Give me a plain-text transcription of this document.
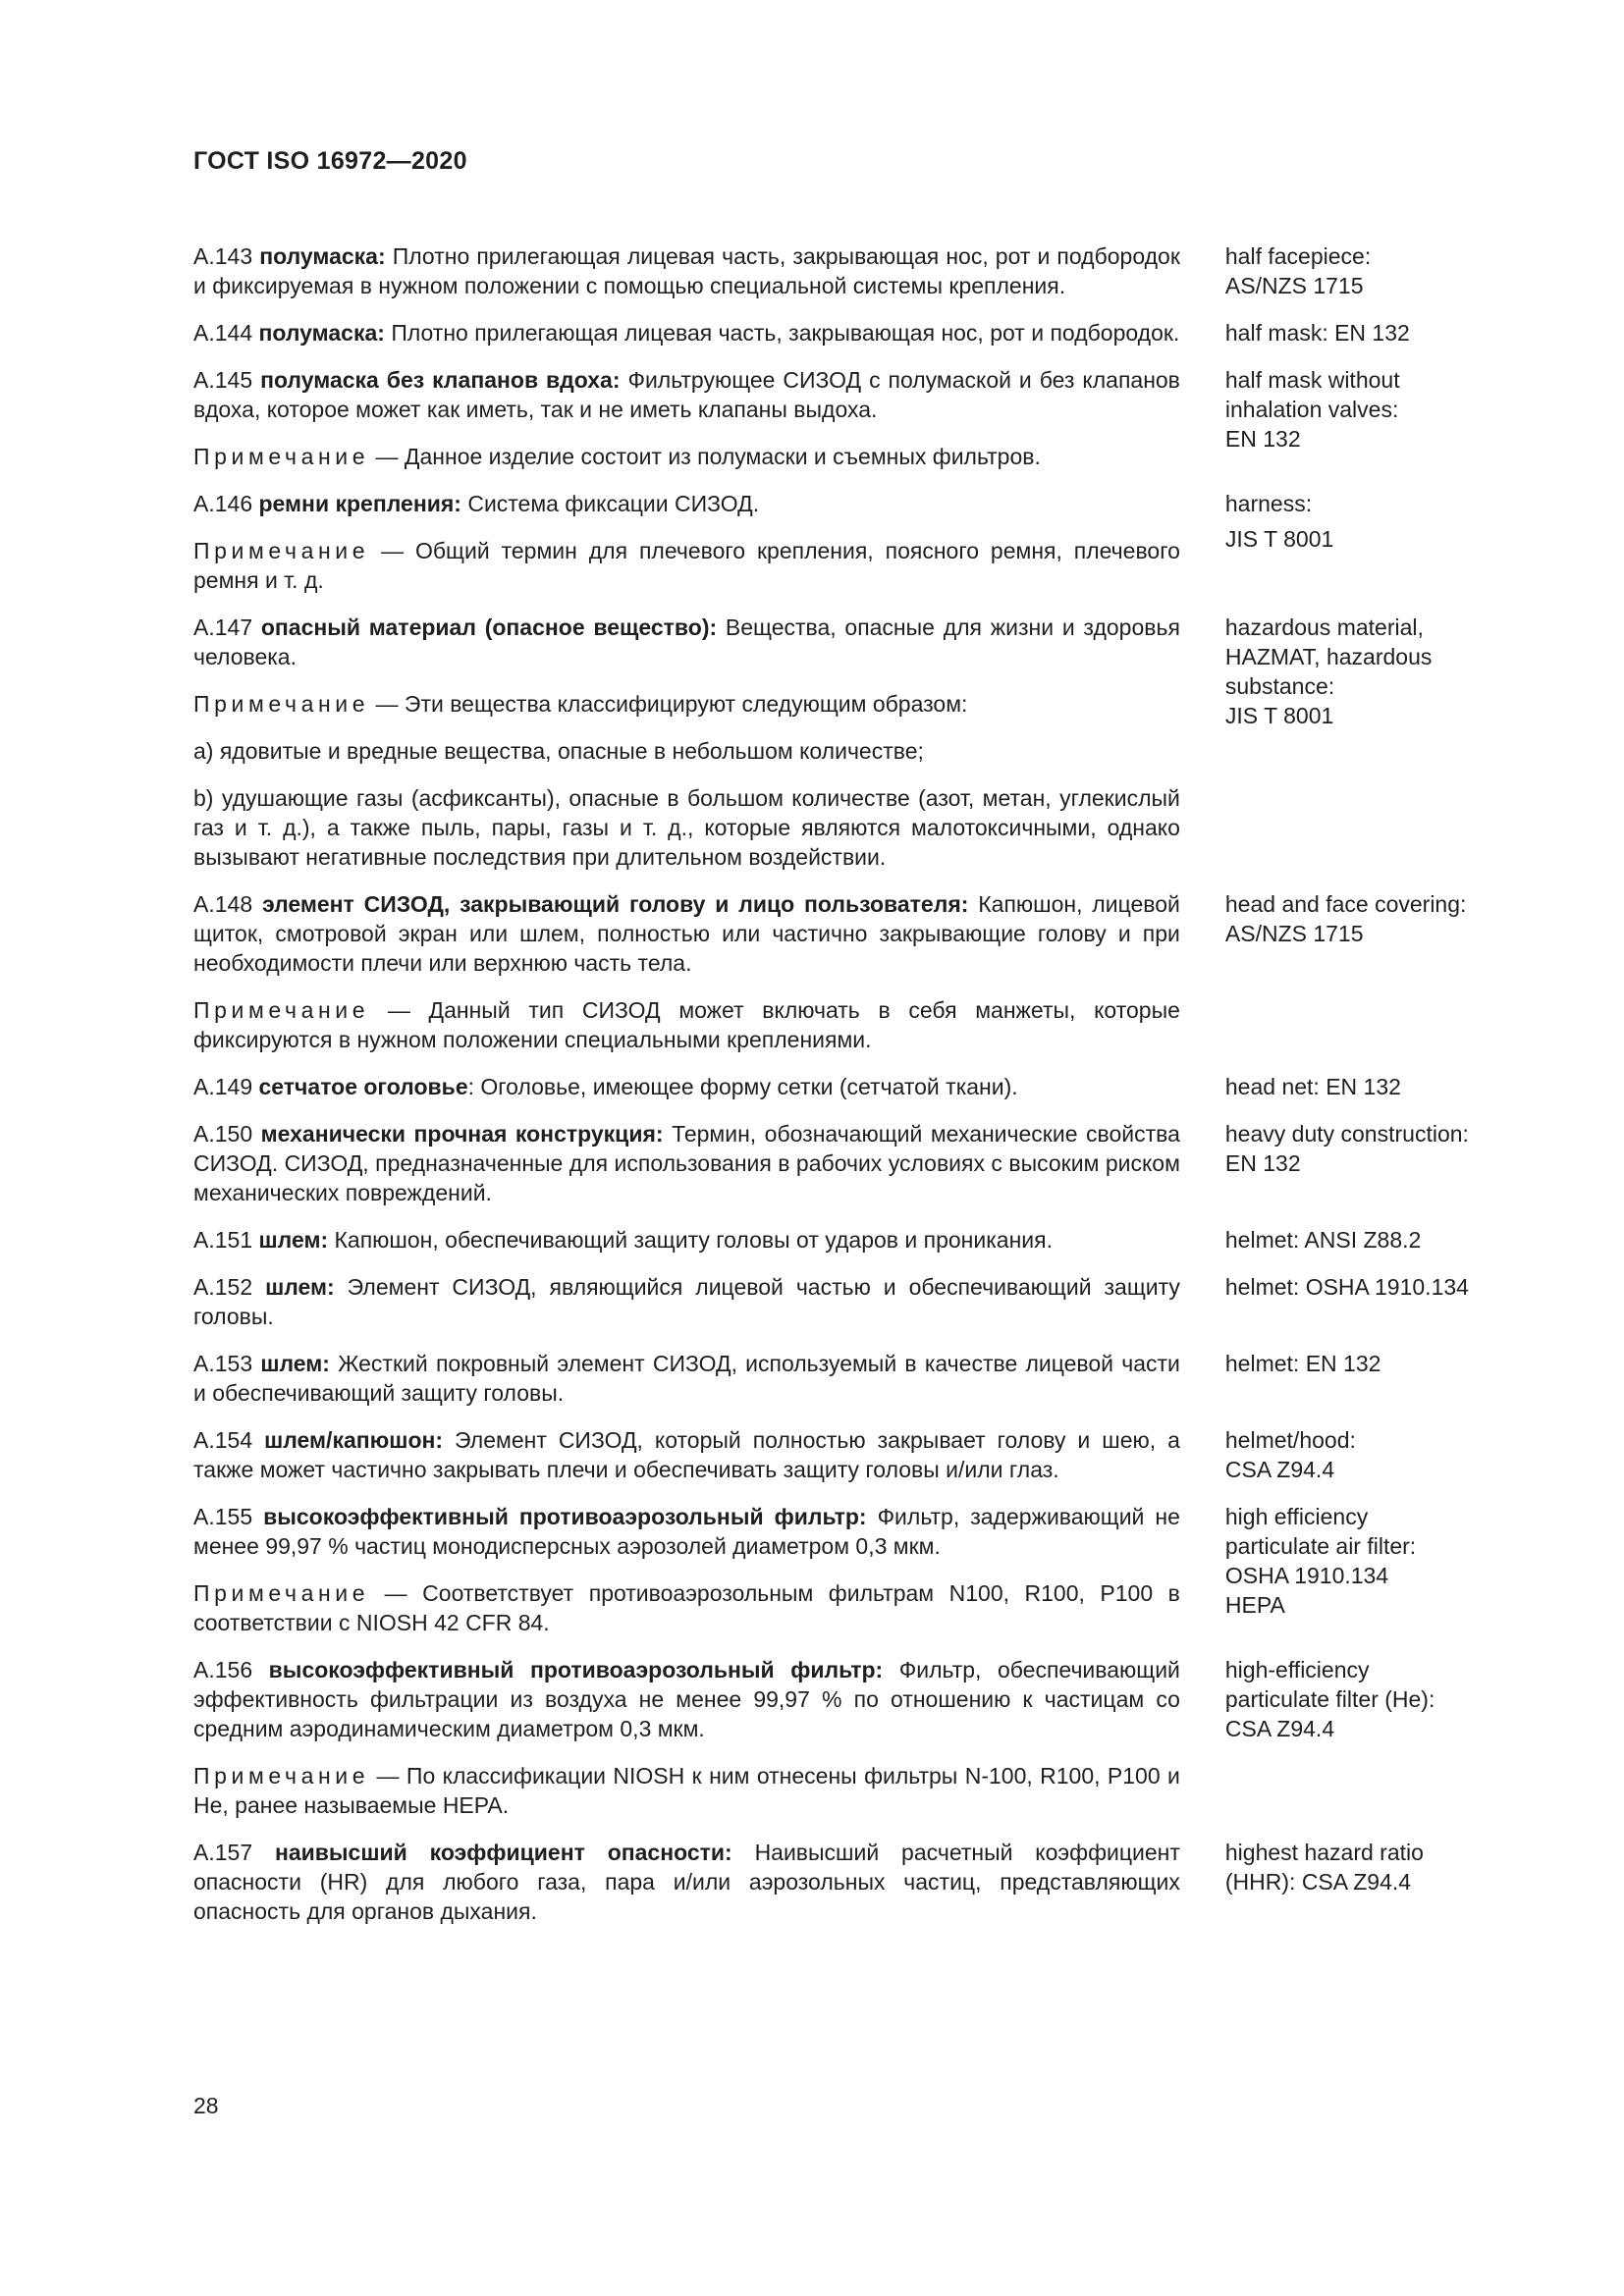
ГОСТ ISO 16972—2020

A.143 полумаска: Плотно прилегающая лицевая часть, закрывающая нос, рот и подбородок и фиксируемая в нужном положении с помощью специальной системы крепления.

half facepiece:
AS/NZS 1715

A.144 полумаска: Плотно прилегающая лицевая часть, закрывающая нос, рот и подбородок. half mask: EN 132

A.145 полумаска без клапанов вдоха: Фильтрующее СИЗОД с полумаской и без клапанов вдоха, которое может как иметь, так и не иметь клапаны выдоха.

Примечание — Данное изделие состоит из полумаски и съемных фильтров.

half mask without
inhalation valves:
EN 132

A.146 ремни крепления: Система фиксации СИЗОД.

Примечание — Общий термин для плечевого крепления, поясного ремня, плечевого ремня и т. д.

harness:
JIS T 8001

A.147 опасный материал (опасное вещество): Вещества, опасные для жизни и здоровья человека.

Примечание — Эти вещества классифицируют следующим образом:

a) ядовитые и вредные вещества, опасные в небольшом количестве;

b) удушающие газы (асфиксанты), опасные в большом количестве (азот, метан, углекислый газ и т. д.), а также пыль, пары, газы и т. д., которые являются малотоксичными, однако вызывают негативные последствия при длительном воздействии.

hazardous material,
HAZMAT, hazardous
substance:
JIS T 8001

A.148 элемент СИЗОД, закрывающий голову и лицо пользователя: Капюшон, лицевой щиток, смотровой экран или шлем, полностью или частично закрывающие голову и при необходимости плечи или верхнюю часть тела.

Примечание — Данный тип СИЗОД может включать в себя манжеты, которые фиксируются в нужном положении специальными креплениями.

head and face covering:
AS/NZS 1715

A.149 сетчатое оголовье: Оголовье, имеющее форму сетки (сетчатой ткани).	head net: EN 132

A.150 механически прочная конструкция: Термин, обозначающий механические свойства СИЗОД. СИЗОД, предназначенные для использования в рабочих условиях с высоким риском механических повреждений.

heavy duty construction:
EN 132

A.151 шлем: Капюшон, обеспечивающий защиту головы от ударов и проникания.	helmet: ANSI Z88.2

A.152 шлем: Элемент СИЗОД, являющийся лицевой частью и обеспечивающий защиту головы.

helmet: OSHA 1910.134

A.153 шлем: Жесткий покровный элемент СИЗОД, используемый в качестве лицевой части и обеспечивающий защиту головы.

helmet: EN 132

A.154 шлем/капюшон: Элемент СИЗОД, который полностью закрывает голову и шею, а также может частично закрывать плечи и обеспечивать защиту головы и/или глаз.

helmet/hood:
CSA Z94.4

A.155 высокоэффективный противоаэрозольный фильтр: Фильтр, задерживающий не менее 99,97 % частиц монодисперсных аэрозолей диаметром 0,3 мкм.

Примечание — Соответствует противоаэрозольным фильтрам N100, R100, P100 в соответствии с NIOSH 42 CFR 84.

high efficiency
particulate air filter:
OSHA 1910.134
HEPA

A.156 высокоэффективный противоаэрозольный фильтр: Фильтр, обеспечивающий эффективность фильтрации из воздуха не менее 99,97 % по отношению к частицам со средним аэродинамическим диаметром 0,3 мкм.

Примечание — По классификации NIOSH к ним отнесены фильтры N-100, R100, P100 и He, ранее называемые HEPA.

high-efficiency
particulate filter (He):
CSA Z94.4

A.157 наивысший коэффициент опасности: Наивысший расчетный коэффициент опасности (HR) для любого газа, пара и/или аэрозольных частиц, представляющих опасность для органов дыхания.

highest hazard ratio
(HHR): CSA Z94.4
28
